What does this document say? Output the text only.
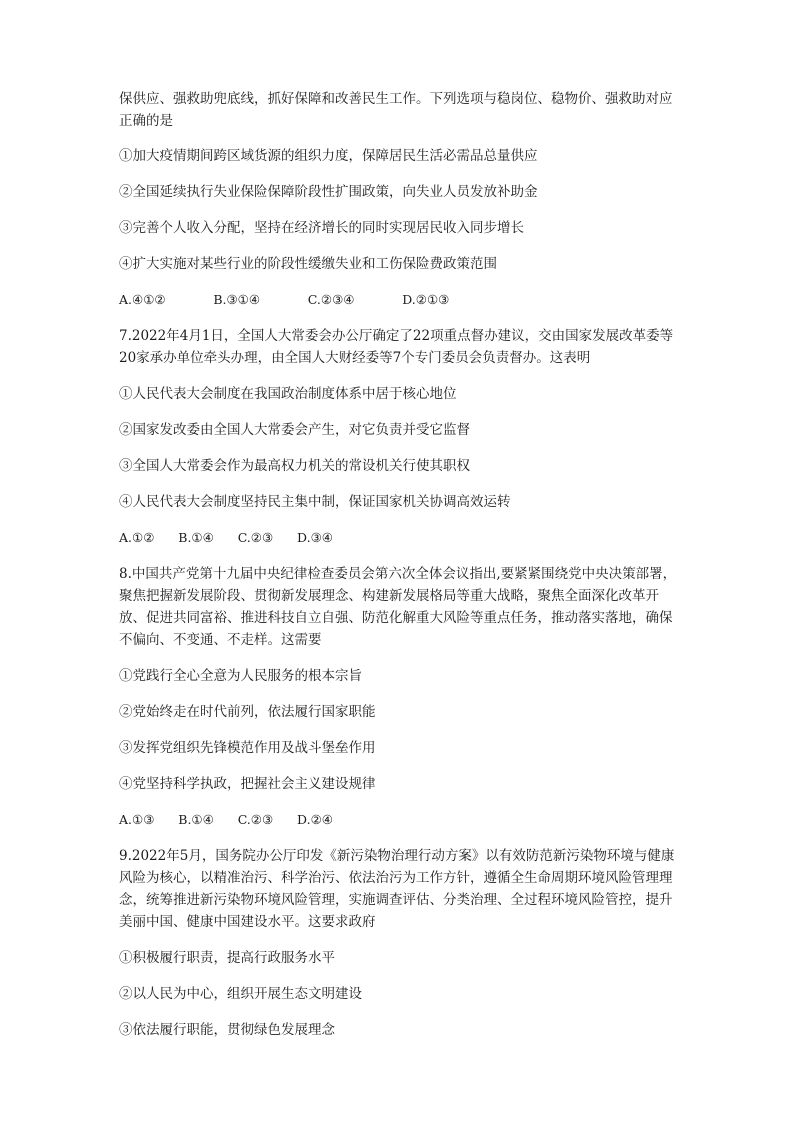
保供应、强救助兜底线，抓好保障和改善民生工作。下列选项与稳岗位、稳物价、强救助对应正确的是

①加大疫情期间跨区域货源的组织力度，保障居民生活必需品总量供应

②全国延续执行失业保险保障阶段性扩围政策，向失业人员发放补助金

③完善个人收入分配，坚持在经济增长的同时实现居民收入同步增长

④扩大实施对某些行业的阶段性缓缴失业和工伤保险费政策范围

A.④①②	B.③①④	C.②③④	D.②①③

7.2022年4月1日，全国人大常委会办公厅确定了22项重点督办建议，交由国家发展改革委等20家承办单位牵头办理，由全国人大财经委等7个专门委员会负责督办。这表明

①人民代表大会制度在我国政治制度体系中居于核心地位

②国家发改委由全国人大常委会产生，对它负责并受它监督

③全国人大常委会作为最高权力机关的常设机关行使其职权

④人民代表大会制度坚持民主集中制，保证国家机关协调高效运转

A.①② B.①④ C.②③ D.③④

8.中国共产党第十九届中央纪律检查委员会第六次全体会议指出,要紧紧围绕党中央决策部署，聚焦把握新发展阶段、贯彻新发展理念、构建新发展格局等重大战略，聚焦全面深化改革开放、促进共同富裕、推进科技自立自强、防范化解重大风险等重点任务，推动落实落地，确保不偏向、不变通、不走样。这需要

①党践行全心全意为人民服务的根本宗旨

②党始终走在时代前列，依法履行国家职能

③发挥党组织先锋模范作用及战斗堡垒作用

④党坚持科学执政，把握社会主义建设规律

A.①③ B.①④ C.②③ D.②④

9.2022年5月，国务院办公厅印发《新污染物治理行动方案》以有效防范新污染物环境与健康风险为核心，以精准治污、科学治污、依法治污为工作方针，遵循全生命周期环境风险管理理念，统筹推进新污染物环境风险管理，实施调查评估、分类治理、全过程环境风险管控，提升美丽中国、健康中国建设水平。这要求政府

①积极履行职责，提高行政服务水平

②以人民为中心，组织开展生态文明建设

③依法履行职能，贯彻绿色发展理念
